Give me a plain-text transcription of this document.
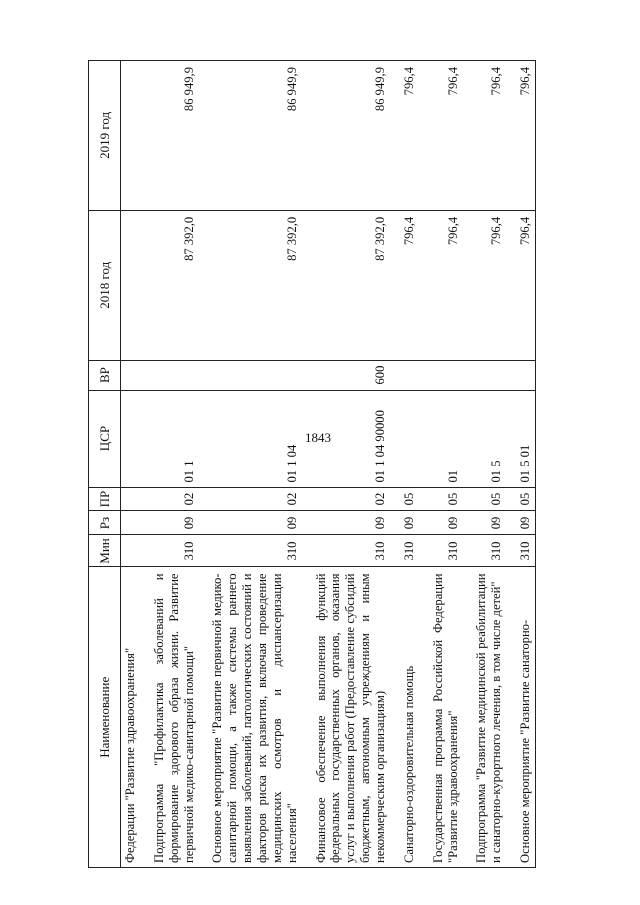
1843
Наименование	Мин	Рз	ПР	ЦСР	ВР	2018 год	2019 год
Федерации "Развитие здравоохранения"							
Подпрограмма "Профилактика заболеваний и формирование здорового образа жизни. Развитие первичной медико-санитарной помощи"	310	09	02	01 1		87 392,0	86 949,9
Основное мероприятие "Развитие первичной медико-санитарной помощи, а также системы раннего выявления заболеваний, патологических состояний и факторов риска их развития, включая проведение медицинских осмотров и диспансеризации населения"	310	09	02	01 1 04		87 392,0	86 949,9
Финансовое обеспечение выполнения функций федеральных государственных органов, оказания услуг и выполнения работ (Предоставление субсидий бюджетным, автономным учреждениям и иным некоммерческим организациям)	310	09	02	01 1 04 90000	600	87 392,0	86 949,9
Санаторно-оздоровительная помощь	310	09	05			796,4	796,4
Государственная программа Российской Федерации "Развитие здравоохранения"	310	09	05	01		796,4	796,4
Подпрограмма "Развитие медицинской реабилитации и санаторно-курортного лечения, в том числе детей"	310	09	05	01 5		796,4	796,4
Основное мероприятие "Развитие санаторно-	310	09	05	01 5 01		796,4	796,4
